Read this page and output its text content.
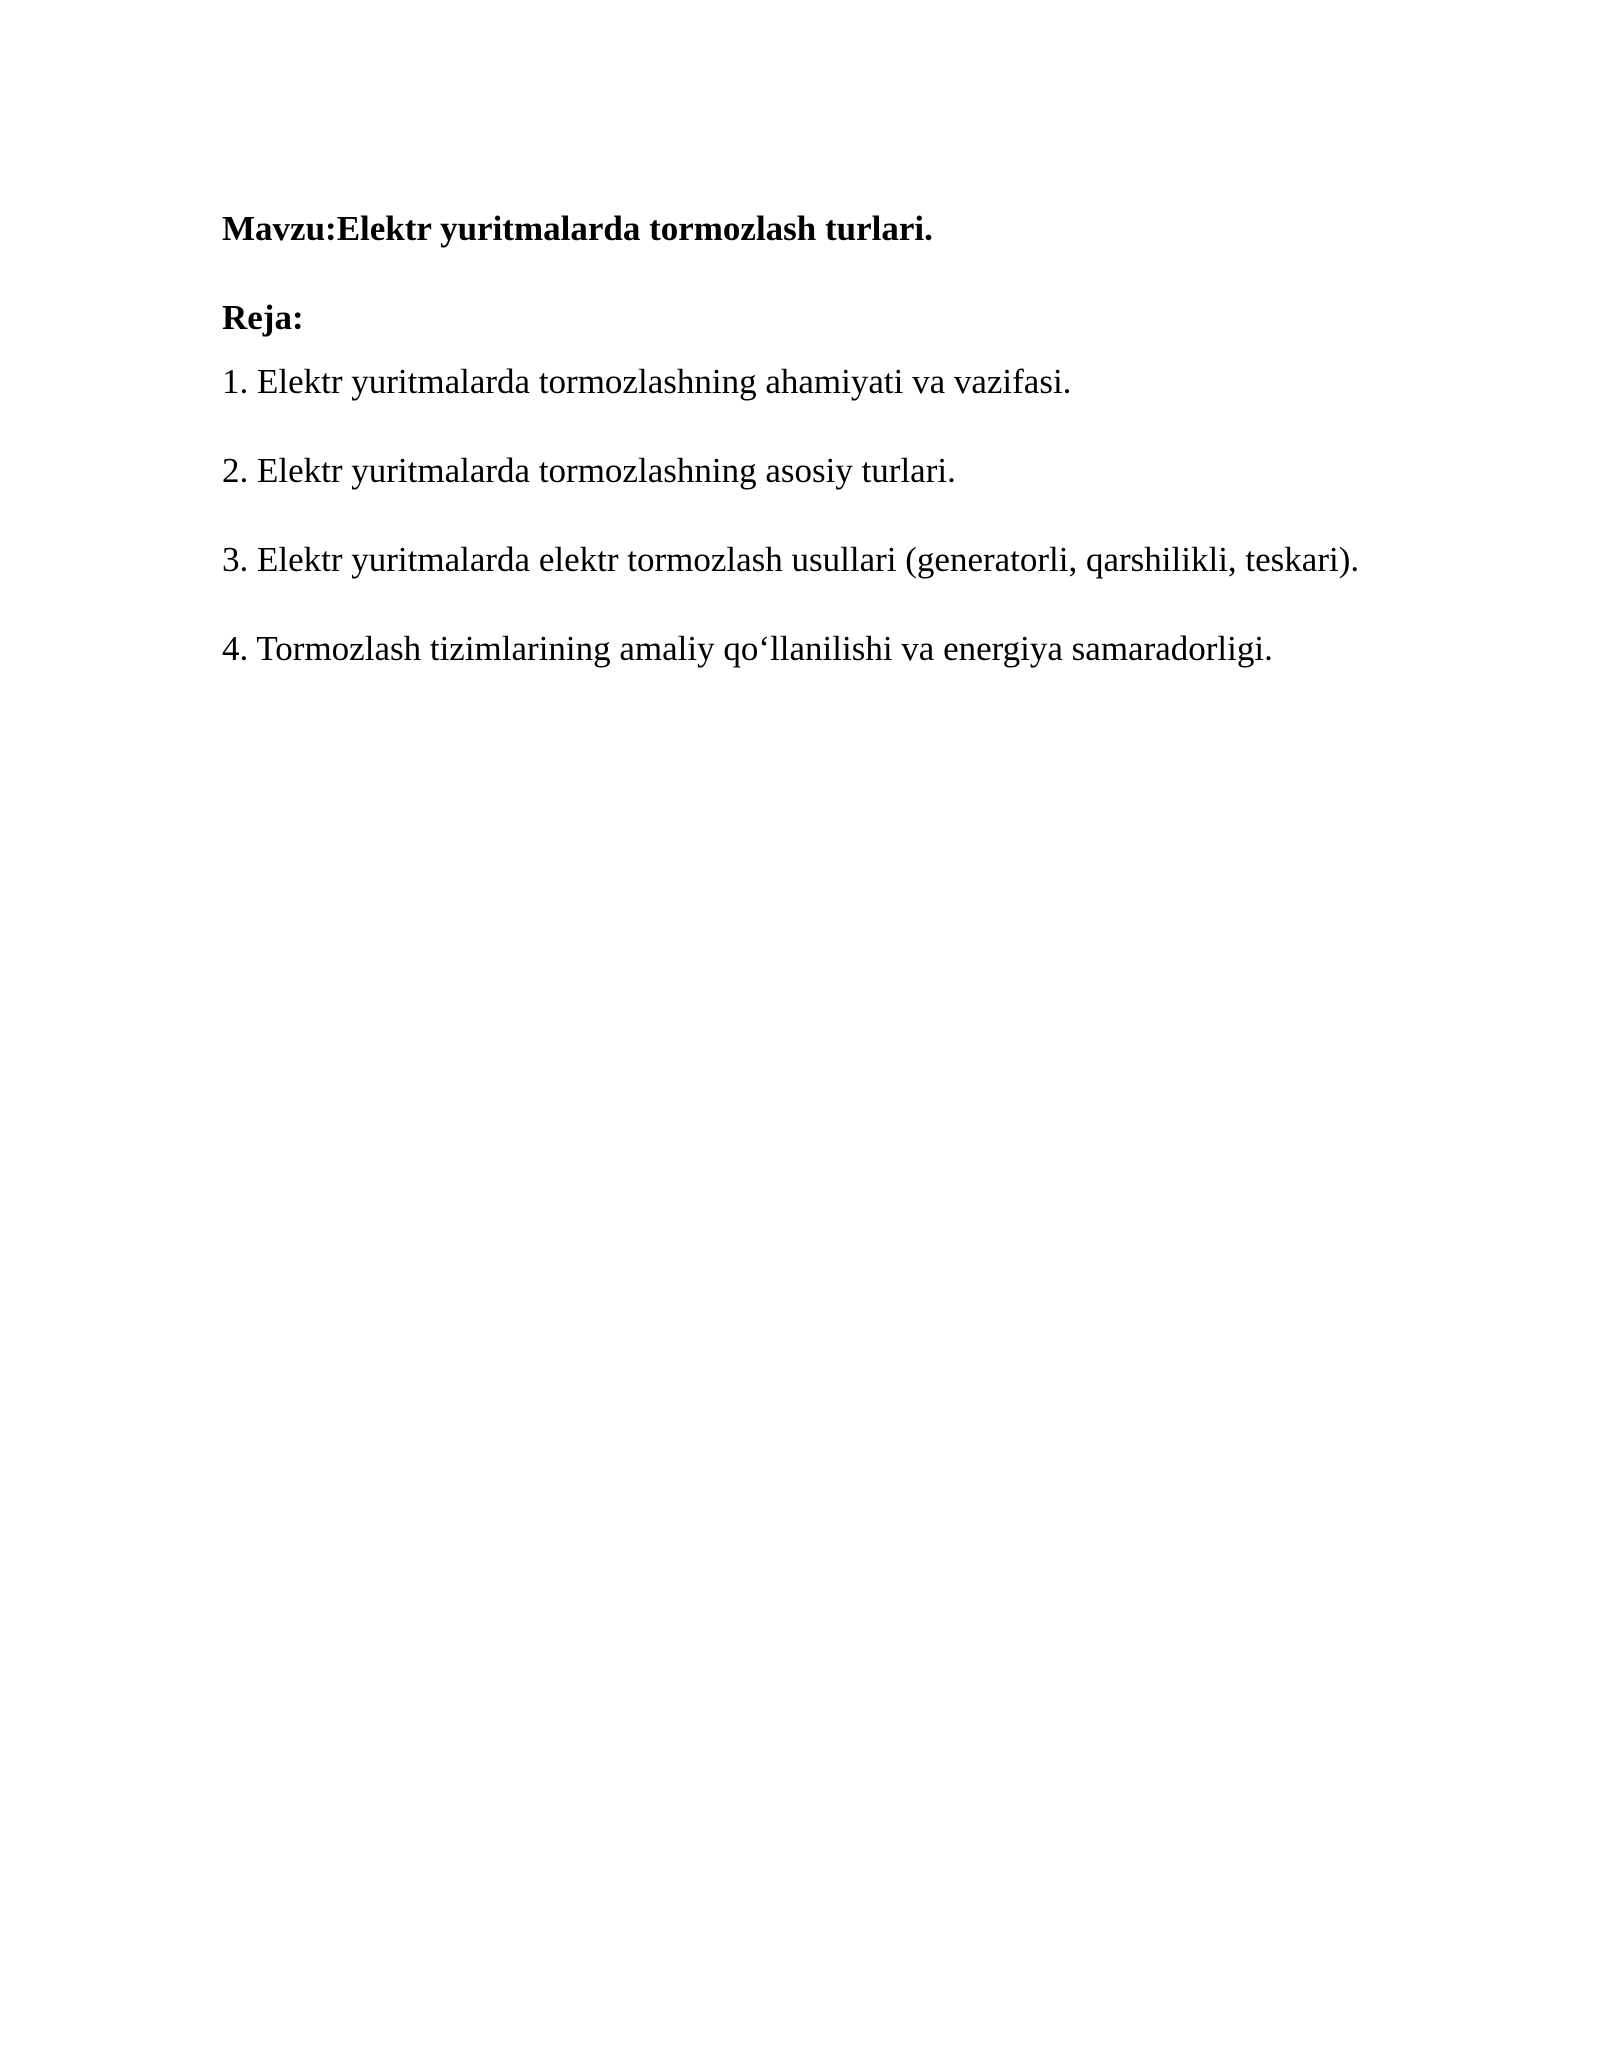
Mavzu:Elektr yuritmalarda tormozlash turlari.

Reja:

1. Elektr yuritmalarda tormozlashning ahamiyati va vazifasi.
2. Elektr yuritmalarda tormozlashning asosiy turlari.
3. Elektr yuritmalarda elektr tormozlash usullari (generatorli, qarshilikli, teskari).
4. Tormozlash tizimlarining amaliy qo‘llanilishi va energiya samaradorligi.
